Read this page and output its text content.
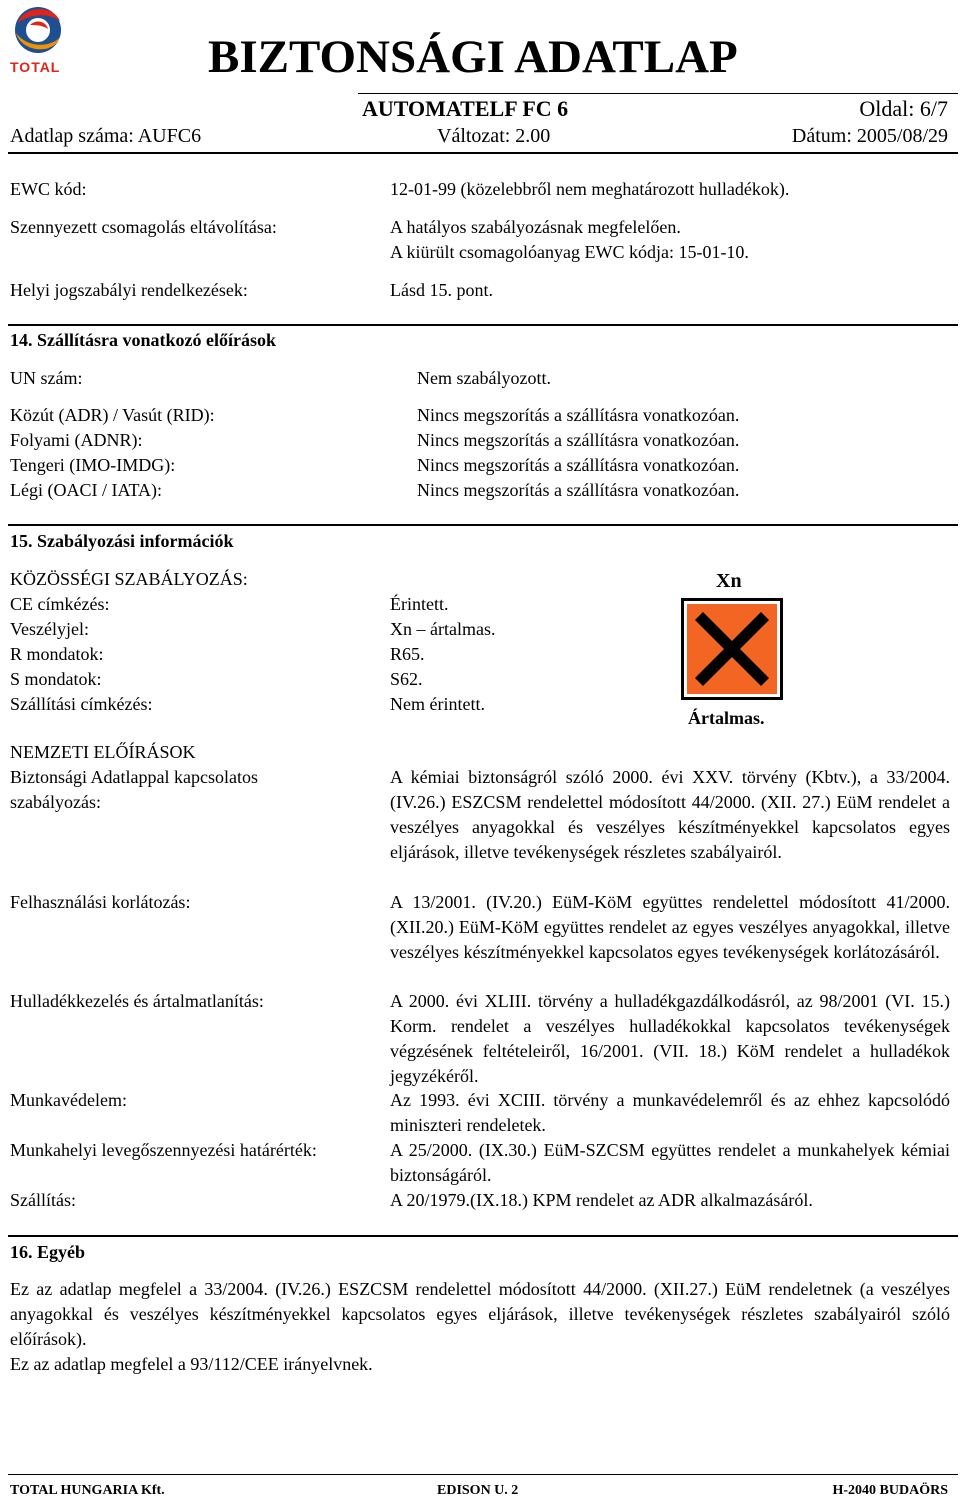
TOTAL	BIZTONSÁGI ADATLAP
AUTOMATELF FC 6	Oldal: 6/7
Adatlap száma: AUFC6	Változat: 2.00	Dátum: 2005/08/29
EWC kód:	12-01-99 (közelebbről nem meghatározott hulladékok).
Szennyezett csomagolás eltávolítása:	A hatályos szabályozásnak megfelelően.
A kiürült csomagolóanyag EWC kódja: 15-01-10.
Helyi jogszabályi rendelkezések:	Lásd 15. pont.
14. Szállításra vonatkozó előírások
UN szám:	Nem szabályozott.
Közút (ADR) / Vasút (RID):	Nincs megszorítás a szállításra vonatkozóan.
Folyami (ADNR):	Nincs megszorítás a szállításra vonatkozóan.
Tengeri (IMO-IMDG):	Nincs megszorítás a szállításra vonatkozóan.
Légi (OACI / IATA):	Nincs megszorítás a szállításra vonatkozóan.
15. Szabályozási információk
KÖZÖSSÉGI SZABÁLYOZÁS:
CE címkézés:	Érintett.
Veszélyjel:	Xn – ártalmas.
R mondatok:	R65.
S mondatok:	S62.
Szállítási címkézés:	Nem érintett.
Xn
Ártalmas.
NEMZETI ELŐÍRÁSOK
Biztonsági Adatlappal kapcsolatos
szabályozás:
A kémiai biztonságról szóló 2000. évi XXV. törvény (Kbtv.), a 33/2004. (IV.26.) ESZCSM rendelettel módosított 44/2000. (XII. 27.) EüM rendelet a veszélyes anyagokkal és veszélyes készítményekkel kapcsolatos egyes eljárások, illetve tevékenységek részletes szabályairól.
Felhasználási korlátozás:	A 13/2001. (IV.20.) EüM-KöM együttes rendelettel módosított 41/2000. (XII.20.) EüM-KöM együttes rendelet az egyes veszélyes anyagokkal, illetve veszélyes készítményekkel kapcsolatos egyes tevékenységek korlátozásáról.
Hulladékkezelés és ártalmatlanítás:	A 2000. évi XLIII. törvény a hulladékgazdálkodásról, az 98/2001 (VI. 15.) Korm. rendelet a veszélyes hulladékokkal kapcsolatos tevékenységek végzésének feltételeiről, 16/2001. (VII. 18.) KöM rendelet a hulladékok jegyzékéről.
Munkavédelem:	Az 1993. évi XCIII. törvény a munkavédelemről és az ehhez kapcsolódó miniszteri rendeletek.
Munkahelyi levegőszennyezési határérték:	A 25/2000. (IX.30.) EüM-SZCSM együttes rendelet a munkahelyek kémiai biztonságáról.
Szállítás:	A 20/1979.(IX.18.) KPM rendelet az ADR alkalmazásáról.
16. Egyéb
Ez az adatlap megfelel a 33/2004. (IV.26.) ESZCSM rendelettel módosított 44/2000. (XII.27.) EüM rendeletnek (a veszélyes anyagokkal és veszélyes készítményekkel kapcsolatos egyes eljárások, illetve tevékenységek részletes szabályairól szóló előírások).
Ez az adatlap megfelel a 93/112/CEE irányelvnek.
TOTAL HUNGARIA Kft.	EDISON U. 2	H-2040 BUDAÖRS
